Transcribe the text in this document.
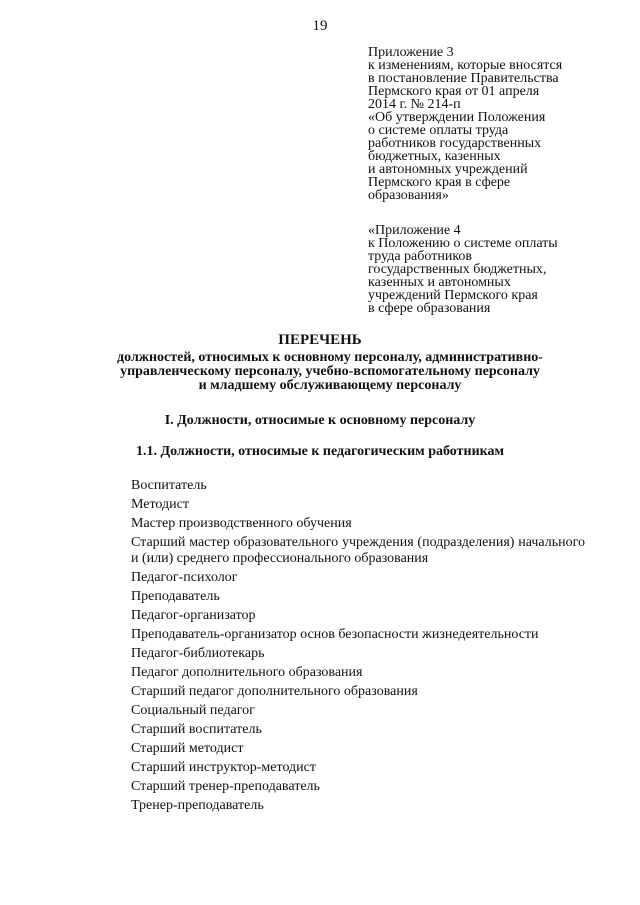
19
Приложение 3
к изменениям, которые вносятся
в постановление Правительства
Пермского края от 01 апреля
2014 г. № 214-п
«Об утверждении Положения
о системе оплаты труда
работников государственных
бюджетных, казенных
и автономных учреждений
Пермского края в сфере
образования»
«Приложение 4
к Положению о системе оплаты
труда работников
государственных бюджетных,
казенных и автономных
учреждений Пермского края
в сфере образования
ПЕРЕЧЕНЬ
должностей, относимых к основному персоналу, административно-
управленческому персоналу, учебно-вспомогательному персоналу
и младшему обслуживающему персоналу
I. Должности, относимые к основному персоналу
1.1. Должности, относимые к педагогическим работникам
Воспитатель
Методист
Мастер производственного обучения
Старший мастер образовательного учреждения (подразделения) начального и (или) среднего профессионального образования
Педагог-психолог
Преподаватель
Педагог-организатор
Преподаватель-организатор основ безопасности жизнедеятельности
Педагог-библиотекарь
Педагог дополнительного образования
Старший педагог дополнительного образования
Социальный педагог
Старший воспитатель
Старший методист
Старший инструктор-методист
Старший тренер-преподаватель
Тренер-преподаватель
